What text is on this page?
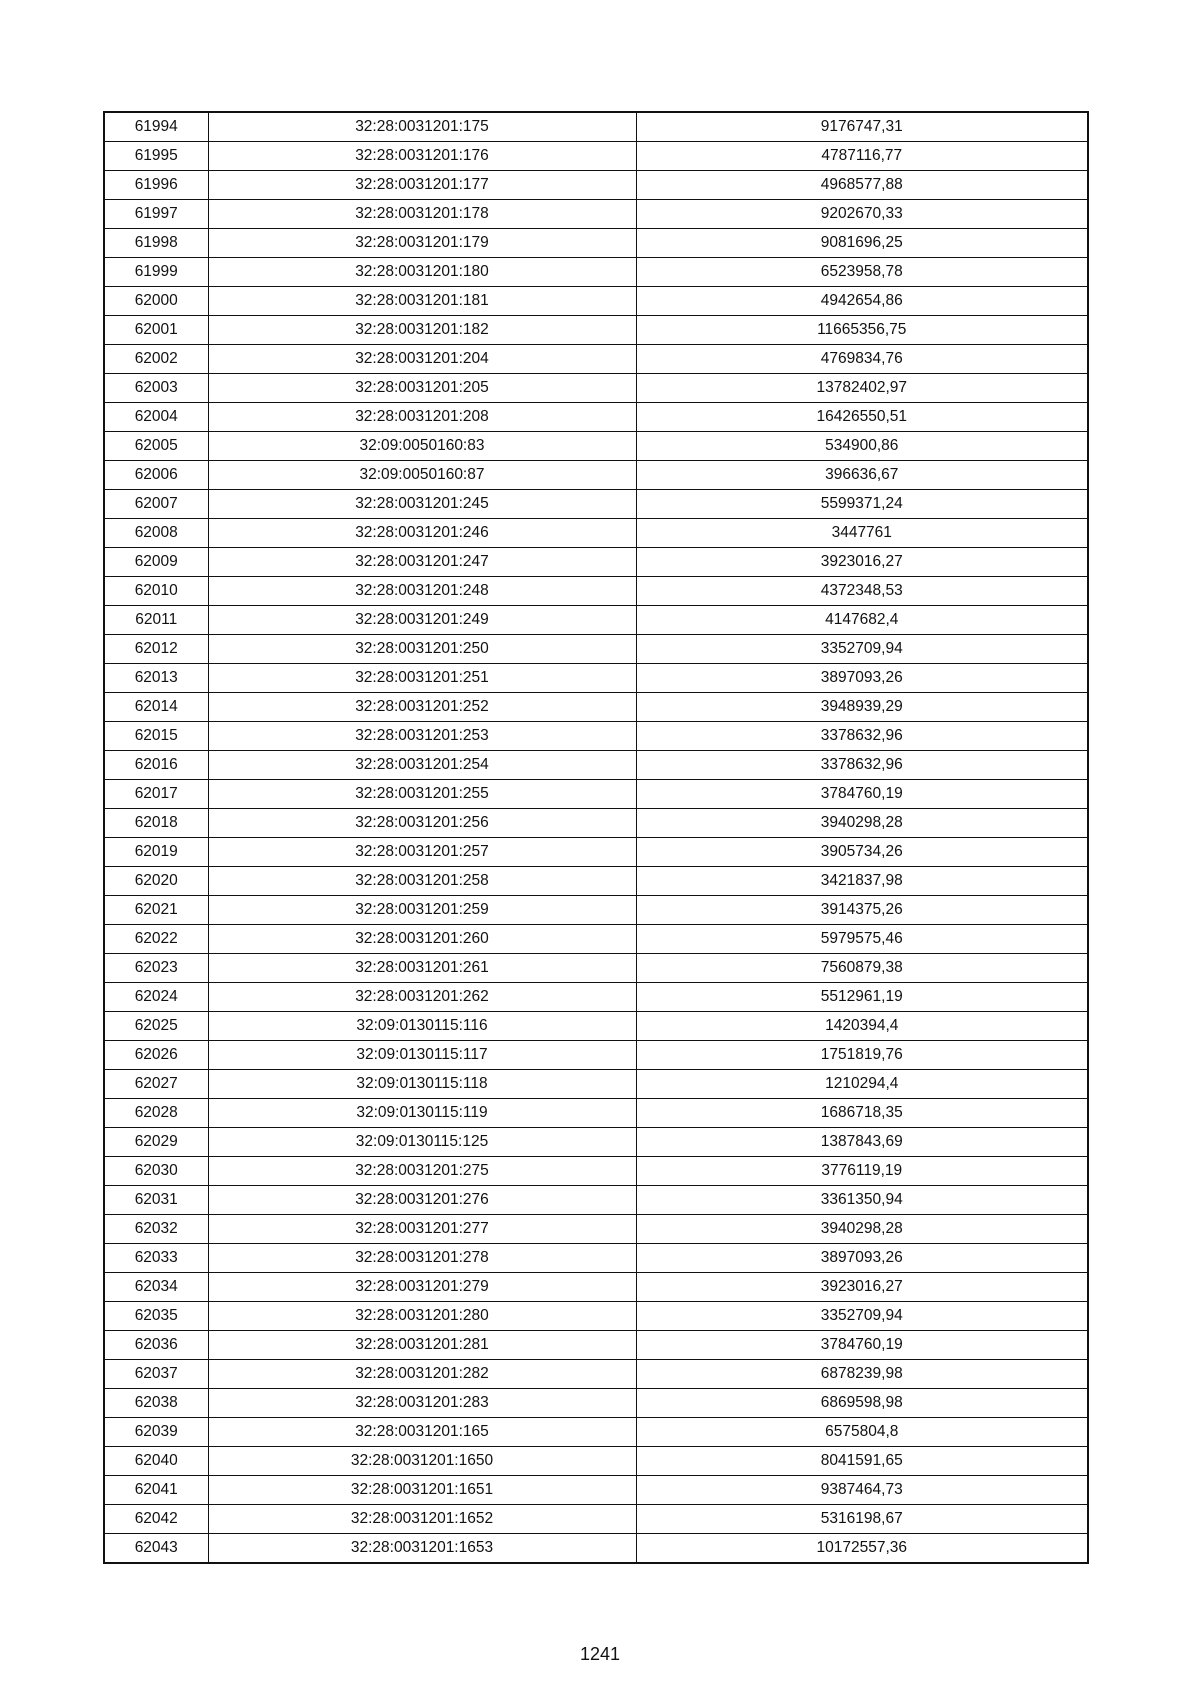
61994	32:28:0031201:175	9176747,31
61995	32:28:0031201:176	4787116,77
61996	32:28:0031201:177	4968577,88
61997	32:28:0031201:178	9202670,33
61998	32:28:0031201:179	9081696,25
61999	32:28:0031201:180	6523958,78
62000	32:28:0031201:181	4942654,86
62001	32:28:0031201:182	11665356,75
62002	32:28:0031201:204	4769834,76
62003	32:28:0031201:205	13782402,97
62004	32:28:0031201:208	16426550,51
62005	32:09:0050160:83	534900,86
62006	32:09:0050160:87	396636,67
62007	32:28:0031201:245	5599371,24
62008	32:28:0031201:246	3447761
62009	32:28:0031201:247	3923016,27
62010	32:28:0031201:248	4372348,53
62011	32:28:0031201:249	4147682,4
62012	32:28:0031201:250	3352709,94
62013	32:28:0031201:251	3897093,26
62014	32:28:0031201:252	3948939,29
62015	32:28:0031201:253	3378632,96
62016	32:28:0031201:254	3378632,96
62017	32:28:0031201:255	3784760,19
62018	32:28:0031201:256	3940298,28
62019	32:28:0031201:257	3905734,26
62020	32:28:0031201:258	3421837,98
62021	32:28:0031201:259	3914375,26
62022	32:28:0031201:260	5979575,46
62023	32:28:0031201:261	7560879,38
62024	32:28:0031201:262	5512961,19
62025	32:09:0130115:116	1420394,4
62026	32:09:0130115:117	1751819,76
62027	32:09:0130115:118	1210294,4
62028	32:09:0130115:119	1686718,35
62029	32:09:0130115:125	1387843,69
62030	32:28:0031201:275	3776119,19
62031	32:28:0031201:276	3361350,94
62032	32:28:0031201:277	3940298,28
62033	32:28:0031201:278	3897093,26
62034	32:28:0031201:279	3923016,27
62035	32:28:0031201:280	3352709,94
62036	32:28:0031201:281	3784760,19
62037	32:28:0031201:282	6878239,98
62038	32:28:0031201:283	6869598,98
62039	32:28:0031201:165	6575804,8
62040	32:28:0031201:1650	8041591,65
62041	32:28:0031201:1651	9387464,73
62042	32:28:0031201:1652	5316198,67
62043	32:28:0031201:1653	10172557,36
1241
